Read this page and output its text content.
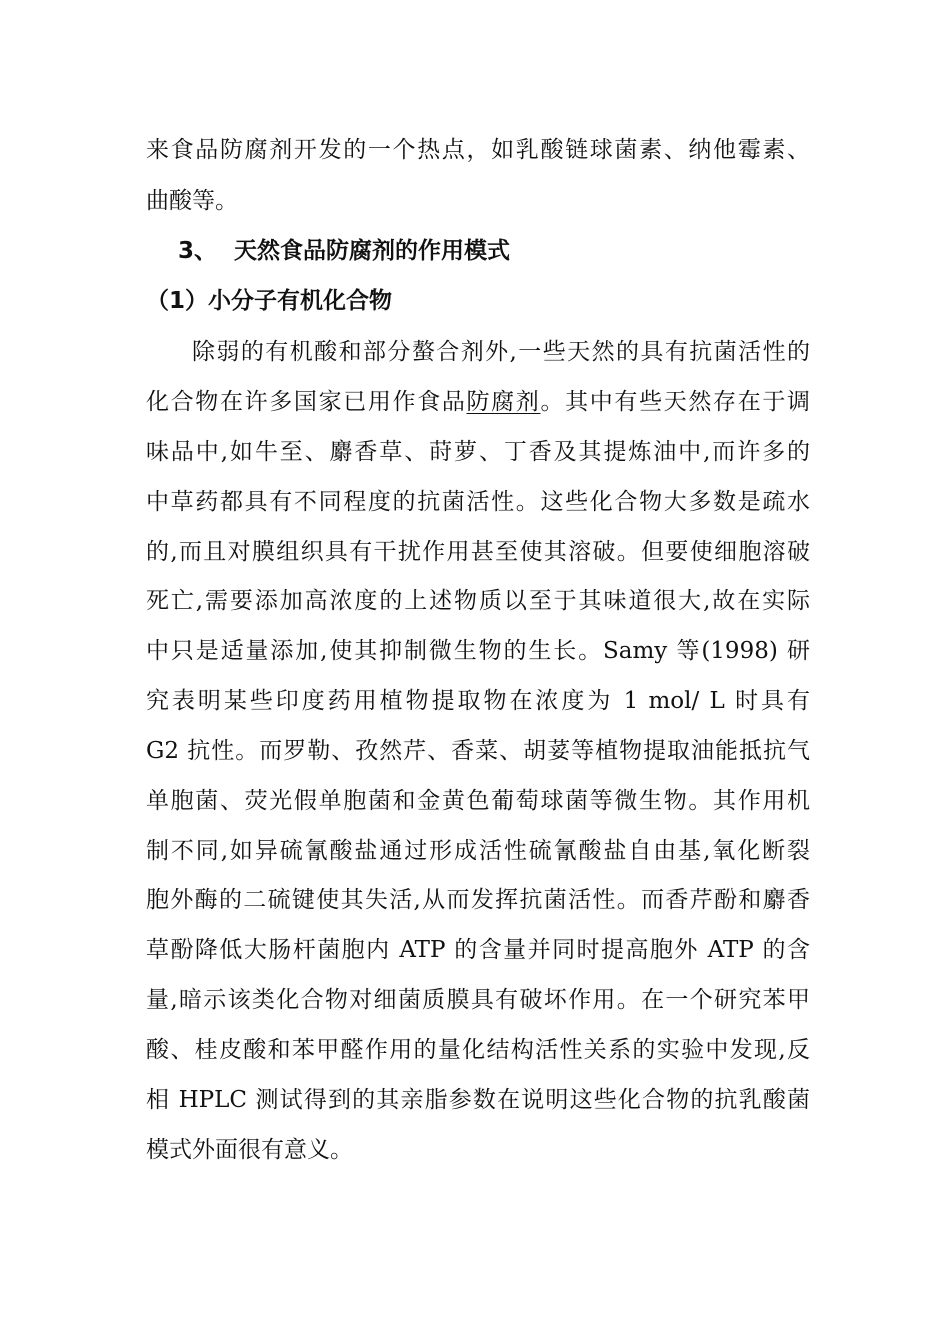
来食品防腐剂开发的一个热点，如乳酸链球菌素、纳他霉素、
曲酸等。
3、 天然食品防腐剂的作用模式
（1）小分子有机化合物
除弱的有机酸和部分螯合剂外,一些天然的具有抗菌活性的
化合物在许多国家已用作食品防腐剂。其中有些天然存在于调
味品中,如牛至、麝香草、莳萝、丁香及其提炼油中,而许多的
中草药都具有不同程度的抗菌活性。这些化合物大多数是疏水
的,而且对膜组织具有干扰作用甚至使其溶破。但要使细胞溶破
死亡,需要添加高浓度的上述物质以至于其味道很大,故在实际
中只是适量添加,使其抑制微生物的生长。Samy 等(1998) 研
究表明某些印度药用植物提取物在浓度为 1 mol/ L 时具有
G2 抗性。而罗勒、孜然芹、香菜、胡荽等植物提取油能抵抗气
单胞菌、荧光假单胞菌和金黄色葡萄球菌等微生物。其作用机
制不同,如异硫氰酸盐通过形成活性硫氰酸盐自由基,氧化断裂
胞外酶的二硫键使其失活,从而发挥抗菌活性。而香芹酚和麝香
草酚降低大肠杆菌胞内 ATP 的含量并同时提高胞外 ATP 的含
量,暗示该类化合物对细菌质膜具有破坏作用。在一个研究苯甲
酸、桂皮酸和苯甲醛作用的量化结构活性关系的实验中发现,反
相 HPLC 测试得到的其亲脂参数在说明这些化合物的抗乳酸菌
模式外面很有意义。
